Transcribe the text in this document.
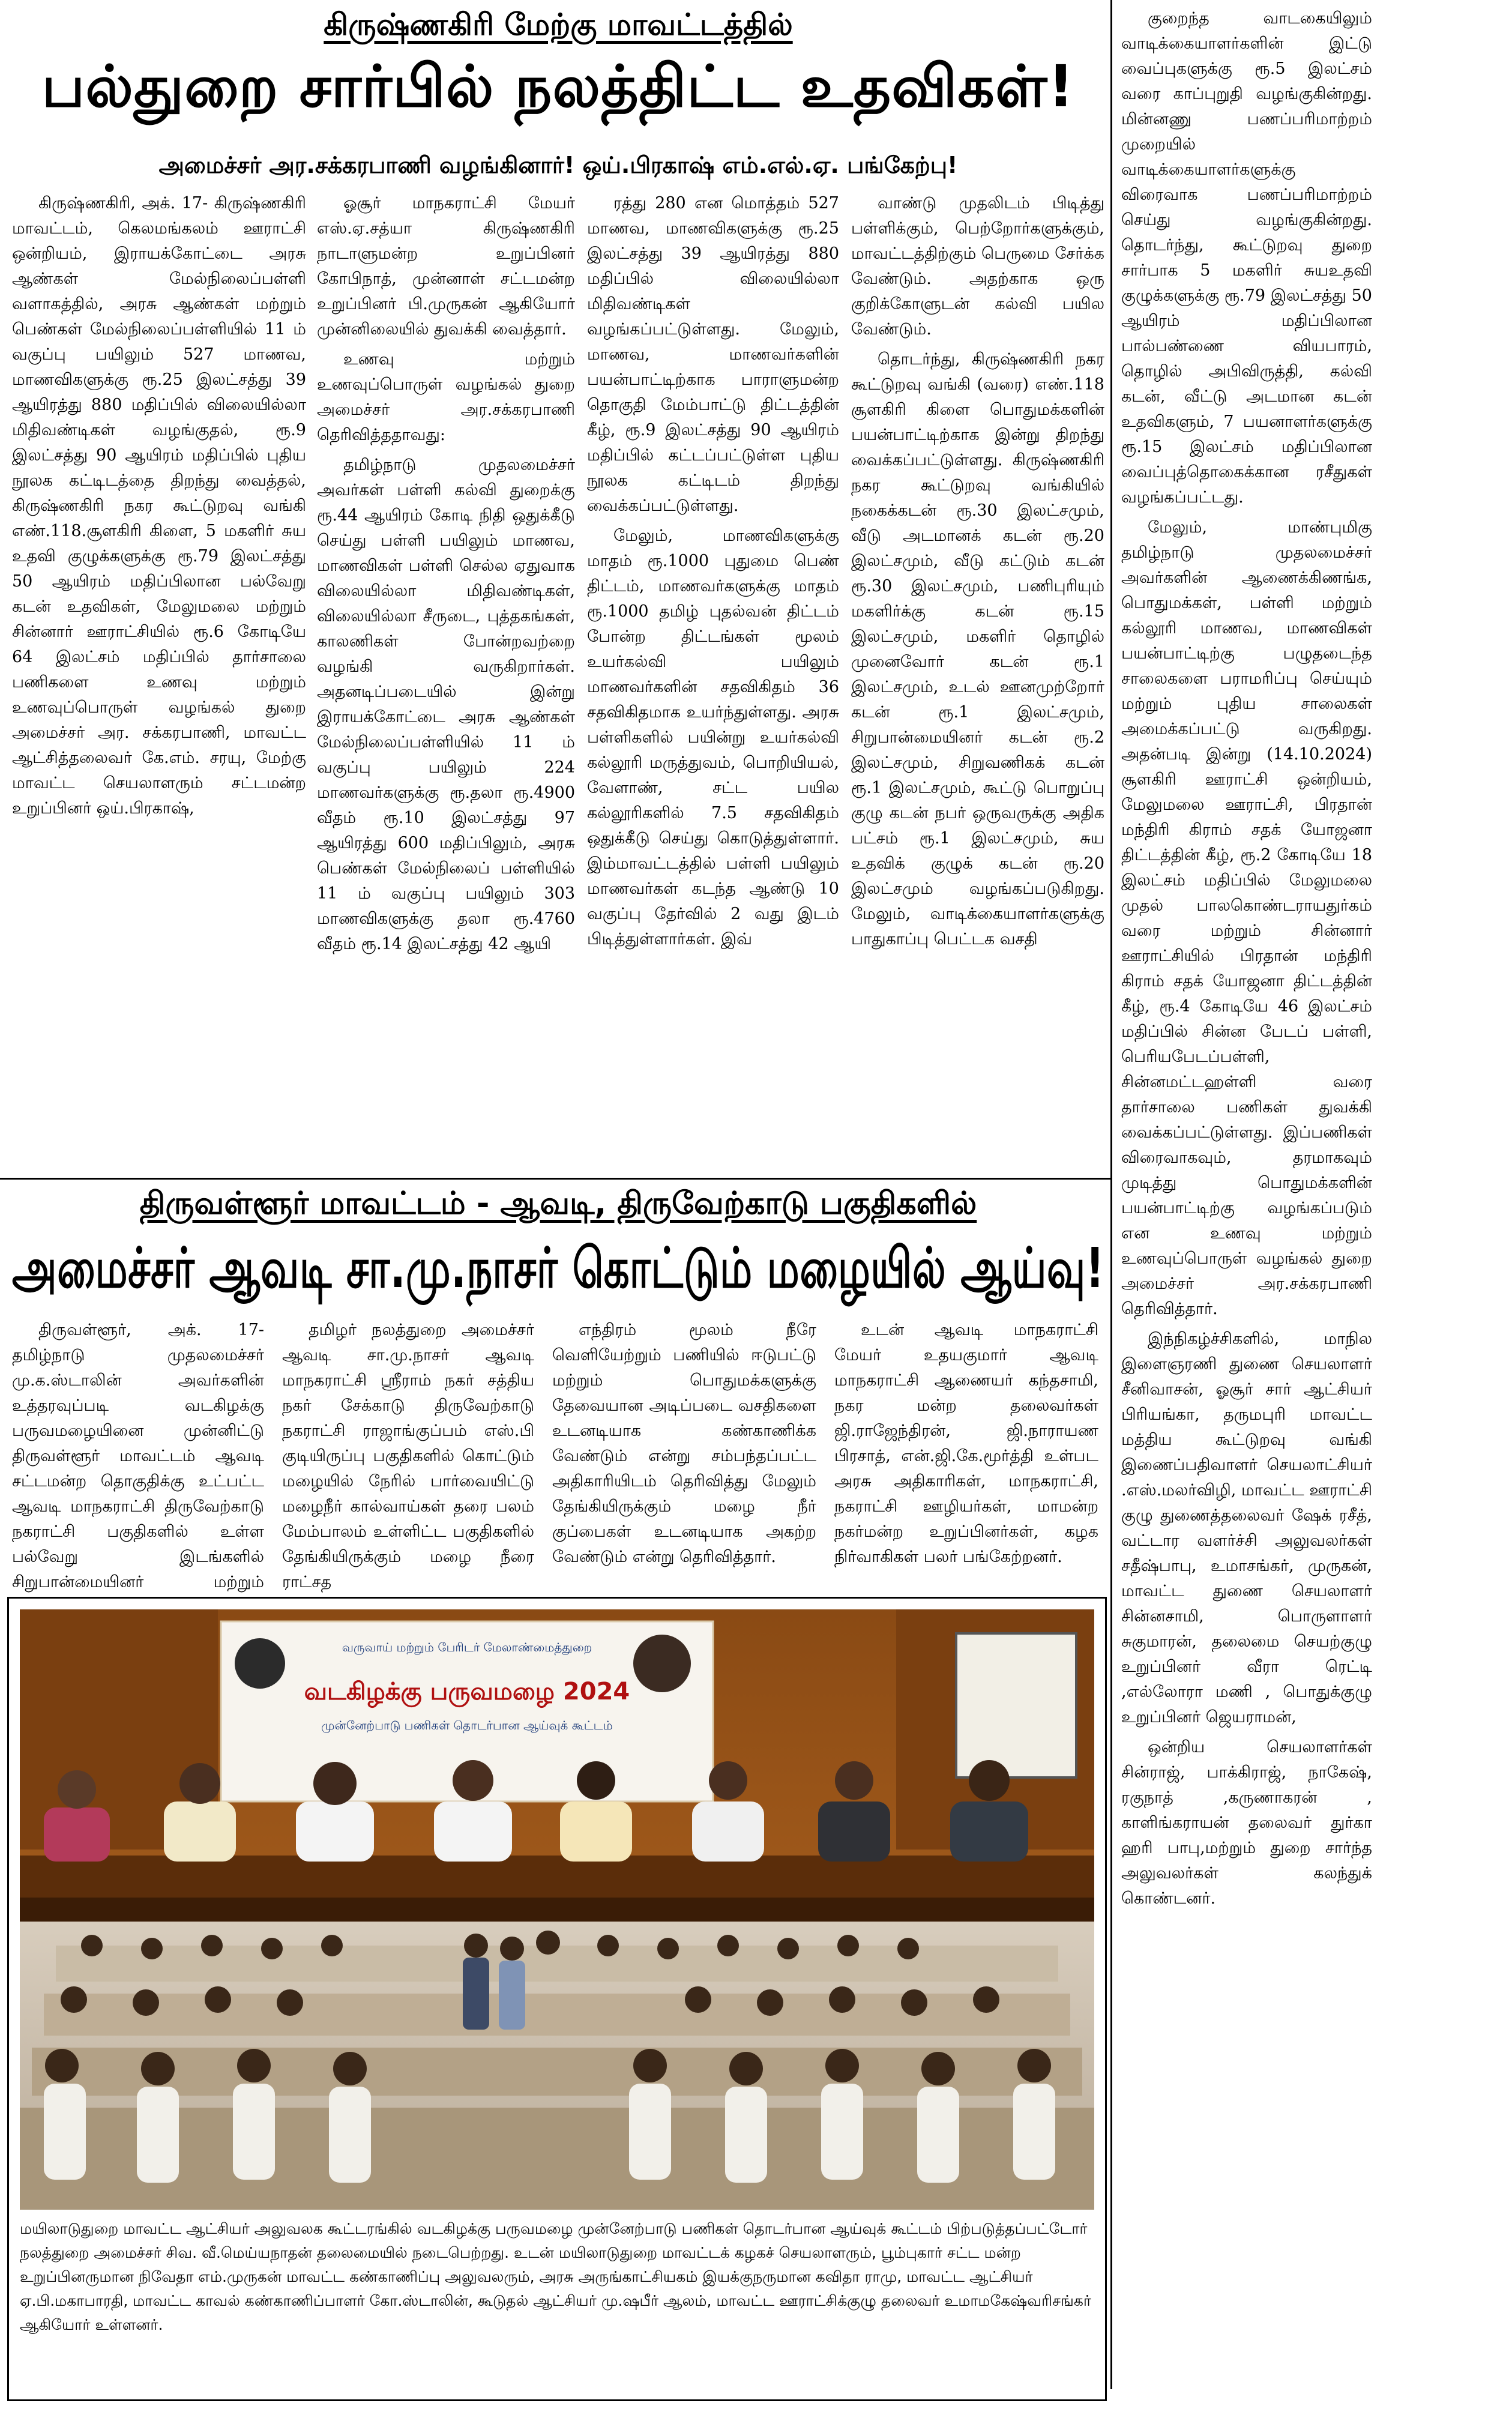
கிருஷ்ணகிரி மேற்கு மாவட்டத்தில்
பல்துறை சார்பில் நலத்திட்ட உதவிகள்!
அமைச்சர் அர.சக்கரபாணி வழங்கினார்! ஒய்.பிரகாஷ் எம்.எல்.ஏ. பங்கேற்பு!

கிருஷ்ணகிரி, அக். 17- கிருஷ்ணகிரி மாவட்டம், கெலமங்கலம் ஊராட்சி ஒன்றியம், இராயக்கோட்டை அரசு ஆண்கள் மேல்நிலைப்பள்ளி வளாகத்தில், அரசு ஆண்கள் மற்றும் பெண்கள் மேல்நிலைப்பள்ளியில் 11 ம் வகுப்பு பயிலும் 527 மாணவ, மாணவிகளுக்கு ரூ.25 இலட்சத்து 39 ஆயிரத்து 880 மதிப்பில் விலையில்லா மிதிவண்டிகள் வழங்குதல், ரூ.9 இலட்சத்து 90 ஆயிரம் மதிப்பில் புதிய நூலக கட்டிடத்தை திறந்து வைத்தல், கிருஷ்ணகிரி நகர கூட்டுறவு வங்கி எண்.118.சூளகிரி கிளை, 5 மகளிர் சுய உதவி குழுக்களுக்கு ரூ.79 இலட்சத்து 50 ஆயிரம் மதிப்பிலான பல்வேறு கடன் உதவிகள், மேலுமலை மற்றும் சின்னார் ஊராட்சியில் ரூ.6 கோடியே 64 இலட்சம் மதிப்பில் தார்சாலை பணிகளை உணவு மற்றும் உணவுப்பொருள் வழங்கல் துறை அமைச்சர் அர. சக்கரபாணி, மாவட்ட ஆட்சித்தலைவர் கே.எம். சரயு, மேற்கு மாவட்ட செயலாளரும் சட்டமன்ற உறுப்பினர் ஒய்.பிரகாஷ்,

ஓசூர் மாநகராட்சி மேயர் எஸ்.ஏ.சத்யா கிருஷ்ணகிரி நாடாளுமன்ற உறுப்பினர் கோபிநாத், முன்னாள் சட்டமன்ற உறுப்பினர் பி.முருகன் ஆகியோர் முன்னிலையில் துவக்கி வைத்தார்.

உணவு மற்றும் உணவுப்பொருள் வழங்கல் துறை அமைச்சர் அர.சக்கரபாணி தெரிவித்ததாவது:

தமிழ்நாடு முதலமைச்சர் அவர்கள் பள்ளி கல்வி துறைக்கு ரூ.44 ஆயிரம் கோடி நிதி ஒதுக்கீடு செய்து பள்ளி பயிலும் மாணவ, மாணவிகள் பள்ளி செல்ல ஏதுவாக விலையில்லா மிதிவண்டிகள், விலையில்லா சீருடை, புத்தகங்கள், காலணிகள் போன்றவற்றை வழங்கி வருகிறார்கள். அதனடிப்படையில் இன்று இராயக்கோட்டை அரசு ஆண்கள் மேல்நிலைப்பள்ளியில் 11 ம் வகுப்பு பயிலும் 224 மாணவர்களுக்கு ரூ.தலா ரூ.4900 வீதம் ரூ.10 இலட்சத்து 97 ஆயிரத்து 600 மதிப்பிலும், அரசு பெண்கள் மேல்நிலைப் பள்ளியில் 11 ம் வகுப்பு பயிலும் 303 மாணவிகளுக்கு தலா ரூ.4760 வீதம் ரூ.14 இலட்சத்து 42 ஆயி

ரத்து 280 என மொத்தம் 527 மாணவ, மாணவிகளுக்கு ரூ.25 இலட்சத்து 39 ஆயிரத்து 880 மதிப்பில் விலையில்லா மிதிவண்டிகள் வழங்கப்பட்டுள்ளது. மேலும், மாணவ, மாணவர்களின் பயன்பாட்டிற்காக பாராளுமன்ற தொகுதி மேம்பாட்டு திட்டத்தின் கீழ், ரூ.9 இலட்சத்து 90 ஆயிரம் மதிப்பில் கட்டப்பட்டுள்ள புதிய நூலக கட்டிடம் திறந்து வைக்கப்பட்டுள்ளது.

மேலும், மாணவிகளுக்கு மாதம் ரூ.1000 புதுமை பெண் திட்டம், மாணவர்களுக்கு மாதம் ரூ.1000 தமிழ் புதல்வன் திட்டம் போன்ற திட்டங்கள் மூலம் உயர்கல்வி பயிலும் மாணவர்களின் சதவிகிதம் 36 சதவிகிதமாக உயர்ந்துள்ளது. அரசு பள்ளிகளில் பயின்று உயர்கல்வி கல்லூரி மருத்துவம், பொறியியல், வேளாண், சட்ட பயில கல்லூரிகளில் 7.5 சதவிகிதம் ஒதுக்கீடு செய்து கொடுத்துள்ளார். இம்மாவட்டத்தில் பள்ளி பயிலும் மாணவர்கள் கடந்த ஆண்டு 10 வகுப்பு தேர்வில் 2 வது இடம் பிடித்துள்ளார்கள். இவ்

வாண்டு முதலிடம் பிடித்து பள்ளிக்கும், பெற்றோர்களுக்கும், மாவட்டத்திற்கும் பெருமை சேர்க்க வேண்டும். அதற்காக ஒரு குறிக்கோளுடன் கல்வி பயில வேண்டும்.

தொடர்ந்து, கிருஷ்ணகிரி நகர கூட்டுறவு வங்கி (வரை) எண்.118 சூளகிரி கிளை பொதுமக்களின் பயன்பாட்டிற்காக இன்று திறந்து வைக்கப்பட்டுள்ளது. கிருஷ்ணகிரி நகர கூட்டுறவு வங்கியில் நகைக்கடன் ரூ.30 இலட்சமும், வீடு அடமானக் கடன் ரூ.20 இலட்சமும், வீடு கட்டும் கடன் ரூ.30 இலட்சமும், பணிபுரியும் மகளிர்க்கு கடன் ரூ.15 இலட்சமும், மகளிர் தொழில் முனைவோர் கடன் ரூ.1 இலட்சமும், உடல் ஊனமுற்றோர் கடன் ரூ.1 இலட்சமும், சிறுபான்மையினர் கடன் ரூ.2 இலட்சமும், சிறுவணிகக் கடன் ரூ.1 இலட்சமும், கூட்டு பொறுப்பு குழு கடன் நபர் ஒருவருக்கு அதிக பட்சம் ரூ.1 இலட்சமும், சுய உதவிக் குழுக் கடன் ரூ.20 இலட்சமும் வழங்கப்படுகிறது. மேலும், வாடிக்கையாளர்களுக்கு பாதுகாப்பு பெட்டக வசதி

குறைந்த வாடகையிலும் வாடிக்கையாளர்களின் இட்டு வைப்புகளுக்கு ரூ.5 இலட்சம் வரை காப்புறுதி வழங்குகின்றது. மின்னணு பணப்பரிமாற்றம் முறையில் வாடிக்கையாளர்களுக்கு விரைவாக பணப்பரிமாற்றம் செய்து வழங்குகின்றது. தொடர்ந்து, கூட்டுறவு துறை சார்பாக 5 மகளிர் சுயஉதவி குழுக்களுக்கு ரூ.79 இலட்சத்து 50 ஆயிரம் மதிப்பிலான பால்பண்ணை வியபாரம், தொழில் அபிவிருத்தி, கல்வி கடன், வீட்டு அடமான கடன் உதவிகளும், 7 பயனாளர்களுக்கு ரூ.15 இலட்சம் மதிப்பிலான வைப்புத்தொகைக்கான ரசீதுகள் வழங்கப்பட்டது.

மேலும், மாண்புமிகு தமிழ்நாடு முதலமைச்சர் அவர்களின் ஆணைக்கிணங்க, பொதுமக்கள், பள்ளி மற்றும் கல்லூரி மாணவ, மாணவிகள் பயன்பாட்டிற்கு பழுதடைந்த சாலைகளை பராமரிப்பு செய்யும் மற்றும் புதிய சாலைகள் அமைக்கப்பட்டு வருகிறது. அதன்படி இன்று (14.10.2024) சூளகிரி ஊராட்சி ஒன்றியம், மேலுமலை ஊராட்சி, பிரதான் மந்திரி கிராம் சதக் யோஜனா திட்டத்தின் கீழ், ரூ.2 கோடியே 18 இலட்சம் மதிப்பில் மேலுமலை முதல் பாலகொண்டராயதுர்கம் வரை மற்றும் சின்னார் ஊராட்சியில் பிரதான் மந்திரி கிராம் சதக் யோஜனா திட்டத்தின் கீழ், ரூ.4 கோடியே 46 இலட்சம் மதிப்பில் சின்ன பேடப் பள்ளி, பெரியபேடப்பள்ளி, சின்னமட்டஹள்ளி வரை தார்சாலை பணிகள் துவக்கி வைக்கப்பட்டுள்ளது. இப்பணிகள் விரைவாகவும், தரமாகவும் முடித்து பொதுமக்களின் பயன்பாட்டிற்கு வழங்கப்படும் என உணவு மற்றும் உணவுப்பொருள் வழங்கல் துறை அமைச்சர் அர.சக்கரபாணி தெரிவித்தார்.

இந்நிகழ்ச்சிகளில், மாநில இளைஞரணி துணை செயலாளர் சீனிவாசன், ஓசூர் சார் ஆட்சியர் பிரியங்கா, தருமபுரி மாவட்ட மத்திய கூட்டுறவு வங்கி இணைப்பதிவாளர் செயலாட்சியர் .எஸ்.மலர்விழி, மாவட்ட ஊராட்சி குழு துணைத்தலைவர் ஷேக் ரசீத், வட்டார வளர்ச்சி அலுவலர்கள் சதீஷ்பாபு, உமாசங்கர், முருகன், மாவட்ட துணை செயலாளர் சின்னசாமி, பொருளாளர் சுகுமாரன், தலைமை செயற்குழு உறுப்பினர் வீரா ரெட்டி ,எல்லோரா மணி , பொதுக்குழு உறுப்பினர் ஜெயராமன்,

ஒன்றிய செயலாளர்கள் சின்ராஜ், பாக்கிராஜ், நாகேஷ், ரகுநாத் ,கருணாகரன் , காளிங்கராயன் தலைவர் துர்கா ஹரி பாபு,மற்றும் துறை சார்ந்த அலுவலர்கள் கலந்துக் கொண்டனர்.

திருவள்ளூர் மாவட்டம் - ஆவடி, திருவேற்காடு பகுதிகளில்
அமைச்சர் ஆவடி சா.மு.நாசர் கொட்டும் மழையில் ஆய்வு!

திருவள்ளூர், அக். 17- தமிழ்நாடு முதலமைச்சர் மு.க.ஸ்டாலின் அவர்களின் உத்தரவுப்படி வடகிழக்கு பருவமழையினை முன்னிட்டு திருவள்ளூர் மாவட்டம் ஆவடி சட்டமன்ற தொகுதிக்கு உட்பட்ட ஆவடி மாநகராட்சி திருவேற்காடு நகராட்சி பகுதிகளில் உள்ள பல்வேறு இடங்களில் சிறுபான்மையினர் மற்றும்

தமிழர் நலத்துறை அமைச்சர் ஆவடி சா.மு.நாசர் ஆவடி மாநகராட்சி ஸ்ரீராம் நகர் சத்திய நகர் சேக்காடு திருவேற்காடு நகராட்சி ராஜாங்குப்பம் எஸ்.பி குடியிருப்பு பகுதிகளில் கொட்டும் மழையில் நேரில் பார்வையிட்டு மழைநீர் கால்வாய்கள் தரை பலம் மேம்பாலம் உள்ளிட்ட பகுதிகளில் தேங்கியிருக்கும் மழை நீரை ராட்சத

எந்திரம் மூலம் நீரே வெளியேற்றும் பணியில் ஈடுபட்டு மற்றும் பொதுமக்களுக்கு தேவையான அடிப்படை வசதிகளை உடனடியாக கண்காணிக்க வேண்டும் என்று சம்பந்தப்பட்ட அதிகாரியிடம் தெரிவித்து மேலும் தேங்கியிருக்கும் மழை நீர் குப்பைகள் உடனடியாக அகற்ற வேண்டும் என்று தெரிவித்தார்.

உடன் ஆவடி மாநகராட்சி மேயர் உதயகுமார் ஆவடி மாநகராட்சி ஆணையர் கந்தசாமி, நகர மன்ற தலைவர்கள் ஜி.ராஜேந்திரன், ஜி.நாராயண பிரசாத், என்.ஜி.கே.மூர்த்தி உள்பட அரசு அதிகாரிகள், மாநகராட்சி, நகராட்சி ஊழியர்கள், மாமன்ற நகர்மன்ற உறுப்பினர்கள், கழக நிர்வாகிகள் பலர் பங்கேற்றனர்.

வருவாய் மற்றும் பேரிடர் மேலாண்மைத்துறை
வடகிழக்கு பருவமழை 2024
முன்னேற்பாடு பணிகள் தொடர்பான ஆய்வுக் கூட்டம்
மயிலாடுதுறை மாவட்ட ஆட்சியர் அலுவலக கூட்டரங்கில் வடகிழக்கு பருவமழை முன்னேற்பாடு பணிகள் தொடர்பான ஆய்வுக் கூட்டம் பிற்படுத்தப்பட்டோர் நலத்துறை அமைச்சர் சிவ. வீ.மெய்யநாதன் தலைமையில் நடைபெற்றது. உடன் மயிலாடுதுறை மாவட்டக் கழகச் செயலாளரும், பூம்புகார் சட்ட மன்ற உறுப்பினருமான நிவேதா எம்.முருகன் மாவட்ட கண்காணிப்பு அலுவலரும், அரசு அருங்காட்சியகம் இயக்குநருமான கவிதா ராமு, மாவட்ட ஆட்சியர் ஏ.பி.மகாபாரதி, மாவட்ட காவல் கண்காணிப்பாளர் கோ.ஸ்டாலின், கூடுதல் ஆட்சியர் மு.ஷபீர் ஆலம், மாவட்ட ஊராட்சிக்குழு தலைவர் உமாமகேஷ்வரிசங்கர் ஆகியோர் உள்ளனர்.
